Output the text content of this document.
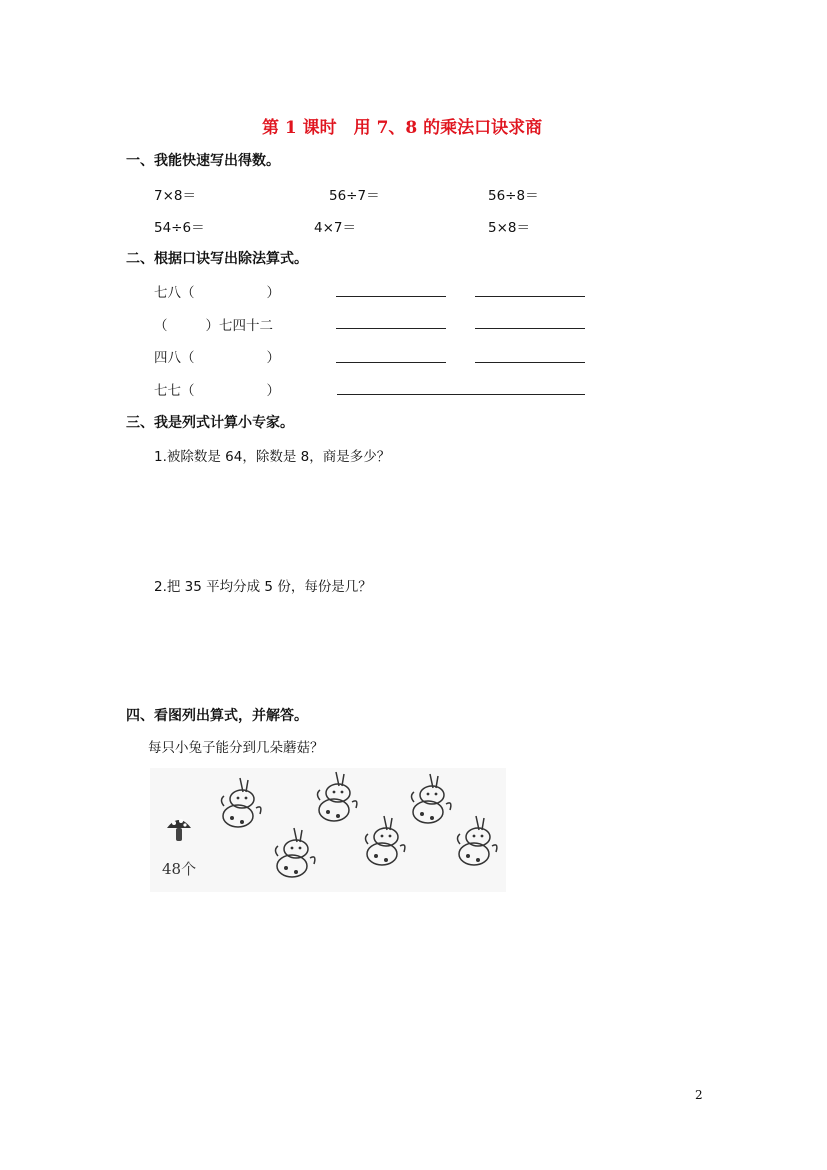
第 1 课时　用 7、8 的乘法口诀求商
一、我能快速写出得数。
7×8＝	56÷7＝	56÷8＝
54÷6＝	4×7＝	5×8＝
二、根据口诀写出除法算式。
七八（	）
（	）七四十二
四八（	）
七七（	）
三、我是列式计算小专家。
1.被除数是 64，除数是 8，商是多少？
2.把 35 平均分成 5 份，每份是几？
四、看图列出算式，并解答。
每只小兔子能分到几朵蘑菇？
48个
2
